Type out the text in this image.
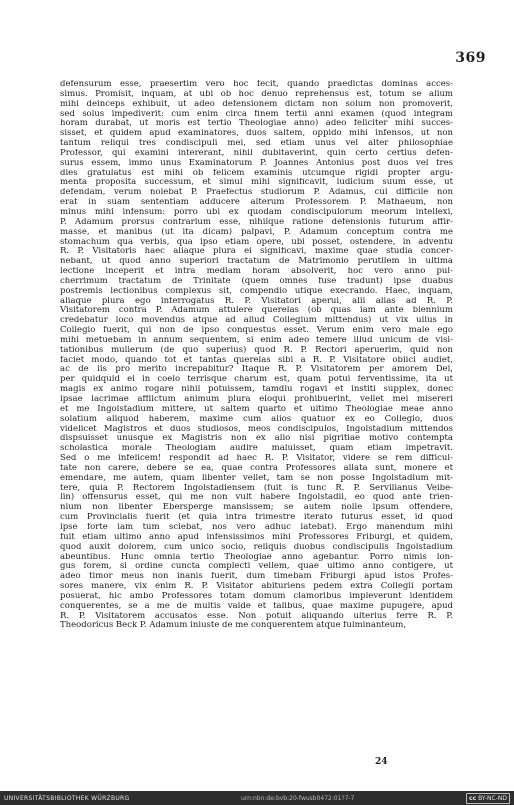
369
defensurum esse, praesertim vero hoc fecit, quando praedictas dominas acces-
simus. Promisit, inquam, at ubi ob hoc denuo reprehensus est, totum se alium
mihi deinceps exhibuit, ut adeo defensionem dictam non solum non promoverit,
sed solus impediverit: cum enim circa finem tertii anni examen (quod integram
horam durabat, ut moris est tertio Theologiae anno) adeo feliciter mihi succes-
sisset, et quidem apud examinatores, duos saltem, oppido mihi infensos, ut non
tantum reliqui tres condiscipuli mei, sed etiam unus vel alter philosophiae
Professor, qui examini intererant, nihil dubitaverint, quin certo certius defen-
surus essem, immo unus Examinatorum P. Joannes Antonius post duos vel tres
dies gratulatus est mihi ob felicem examinis utcumque rigidi propter argu-
menta proposita successum, et simul mihi significavit, iudicium suum esse, ut
defendam, verum nolebat P. Praefectus studiorum P. Adamus, cui difficile non
erat in suam sententiam adducere alterum Professorem P. Mathaeum, non
minus mihi infensum: porro ubi ex quodam condiscipulorum meorum intellexi,
P. Adamum prorsus contrarium esse, nihilque ratione defensionis futurum affir-
masse, et manibus (ut ita dicam) palpavi, P. Adamum conceptum contra me
stomachum qua verbis, qua ipso etiam opere, ubi posset, ostendere, in adventu
R. P. Visitatoris haec aliaque plura ei significavi, maxime quae studia concer-
nebant, ut quod anno superiori tractatum de Matrimonio perutilem in ultima
lectione inceperit et intra mediam horam absolverit, hoc vero anno pul-
cherrimum tractatum de Trinitate (quem omnes fuse tradunt) ipse duabus
postremis lectionibus complexus sit, compendio utique execrando. Haec, inquam,
aliaque plura ego interrogatus R. P. Visitatori aperui, alii alias ad R. P.
Visitatorem contra P. Adamum attulere querelas (ob quas iam ante biennium
credebatur loco movendus atque ad aliud Collegium mittendus) ut vix ullus in
Collegio fuerit, qui non de ipso conquestus esset. Verum enim vero male ego
mihi metuebam in annum sequentem, si enim adeo temere illud unicum de visi-
tationibus mulierum (de quo superius) quod R. P. Rectori aperuerim, quid non
faciet modo, quando tot et tantas querelas sibi a R. P. Visitatore obiici audiet,
ac de iis pro merito increpabitur? Itaque R. P. Visitatorem per amorem Dei,
per quidquid ei in coelo terrisque charum est, quam potui ferventissime, ita ut
magis ex animo rogare nihil potuissem, tamdiu rogavi et institi supplex, donec
ipsae lacrimae afflictum animum plura eloqui prohibuerint, vellet mei misereri
et me Ingolstadium mittere, ut saltem quarto et ultimo Theologiae meae anno
solatium aliquod haberem, maxime cum alios quatuor ex eo Collegio, duos
videlicet Magistros et duos studiosos, meos condiscipulos, Ingolstadium mittendos
dispsuisset unusque ex Magistris non ex alio nisi pigritiae motivo contempta
scholastica morale Theologiam audire maluisset, quam etiam impetravit.
Sed o me infelicem! respondit ad haec R. P. Visitator, videre se rem difficul-
tate non carere, debere se ea, quae contra Professores allata sunt, monere et
emendare, me autem, quam libenter vellet, tam se non posse Ingolstadium mit-
tere, quia P. Rectorem Ingolstadiensem (fuit is tunc R. P. Servilianus Veibe-
lin) offensurus esset, qui me non vult habere Ingolstadii, eo quod ante trien-
nium non libenter Ebersperge mansissem; se autem nolle ipsum offendere,
cum Provincialis fuerit (et quia intra trimestre iterato futurus esset, id quod
ipse forte iam tum sciebat, nos vero adhuc latebat). Ergo manendum mihi
fuit etiam ultimo anno apud infensissimos mihi Professores Friburgi, et quidem,
quod auxit dolorem, cum unico socio, reliquis duobus condiscipulis Ingolstadium
abeuntibus. Hunc omnia tertio Theologiae anno agebantur. Porro nimis lon-
gus forem, si ordine cuncta complecti vellem, quae ultimo anno contigere, ut
adeo timor meus non inanis fuerit, dum timebam Friburgi apud istos Profes-
sores manere, vix enim R. P. Visitator abituriens pedem extra Collegii portam
posuerat, hic ambo Professores totam domum clamoribus impleverunt identidem
conquerentes, se a me de multis valde et talibus, quae maxime pupugere, apud
R. P. Visitatorem accusatos esse. Non potuit aliquando ulterius ferre R. P.
Theodoricus Beck P. Adamum iniuste de me conquerentem atque fulminanteum,
24
UNIVERSITÄTSBIBLIOTHEK WÜRZBURG	urn:nbn:de:bvb:20-fwusb0472:01?7-7	cc BY-NC-ND
